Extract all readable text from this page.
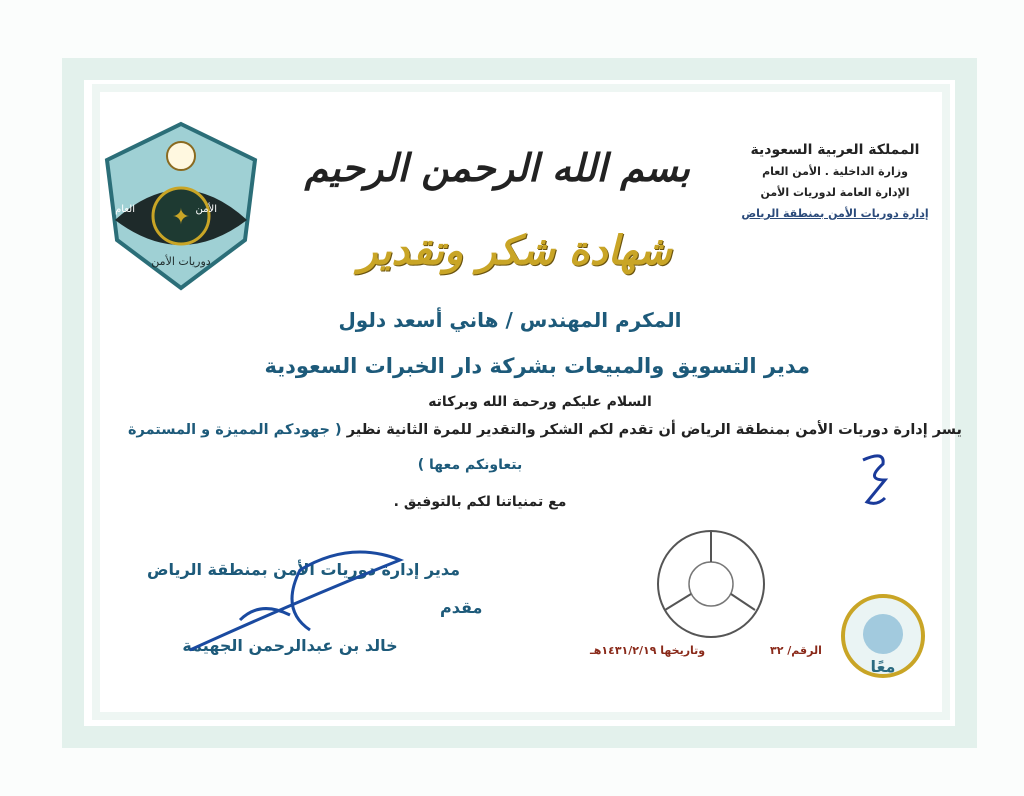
المملكة العربية السعودية
وزارة الداخلية . الأمن العام
الإدارة العامة لدوريات الأمن
إدارة دوريات الأمن بمنطقة الرياض
✦
العام	الأمن
دوريات الأمن
بسم الله الرحمن الرحيم
شهادة شكر وتقدير
المكرم المهندس / هاني أسعد دلول
مدير التسويق والمبيعات بشركة دار الخبرات السعودية
السلام عليكم ورحمة الله وبركاته
يسر إدارة دوريات الأمن بمنطقة الرياض أن تقدم لكم الشكر والتقدير للمرة الثانية نظير ( جهودكم المميزة و المستمرة
بتعاونكم معها )
مع تمنياتنا لكم بالتوفيق .
مدير إدارة دوريات الأمن بمنطقة الرياض
مقدم
خالد بن عبدالرحمن الجهيمة	وتاريخها ١٤٣١/٢/١٩هـ	الرقم/ ٣٢
معًا
